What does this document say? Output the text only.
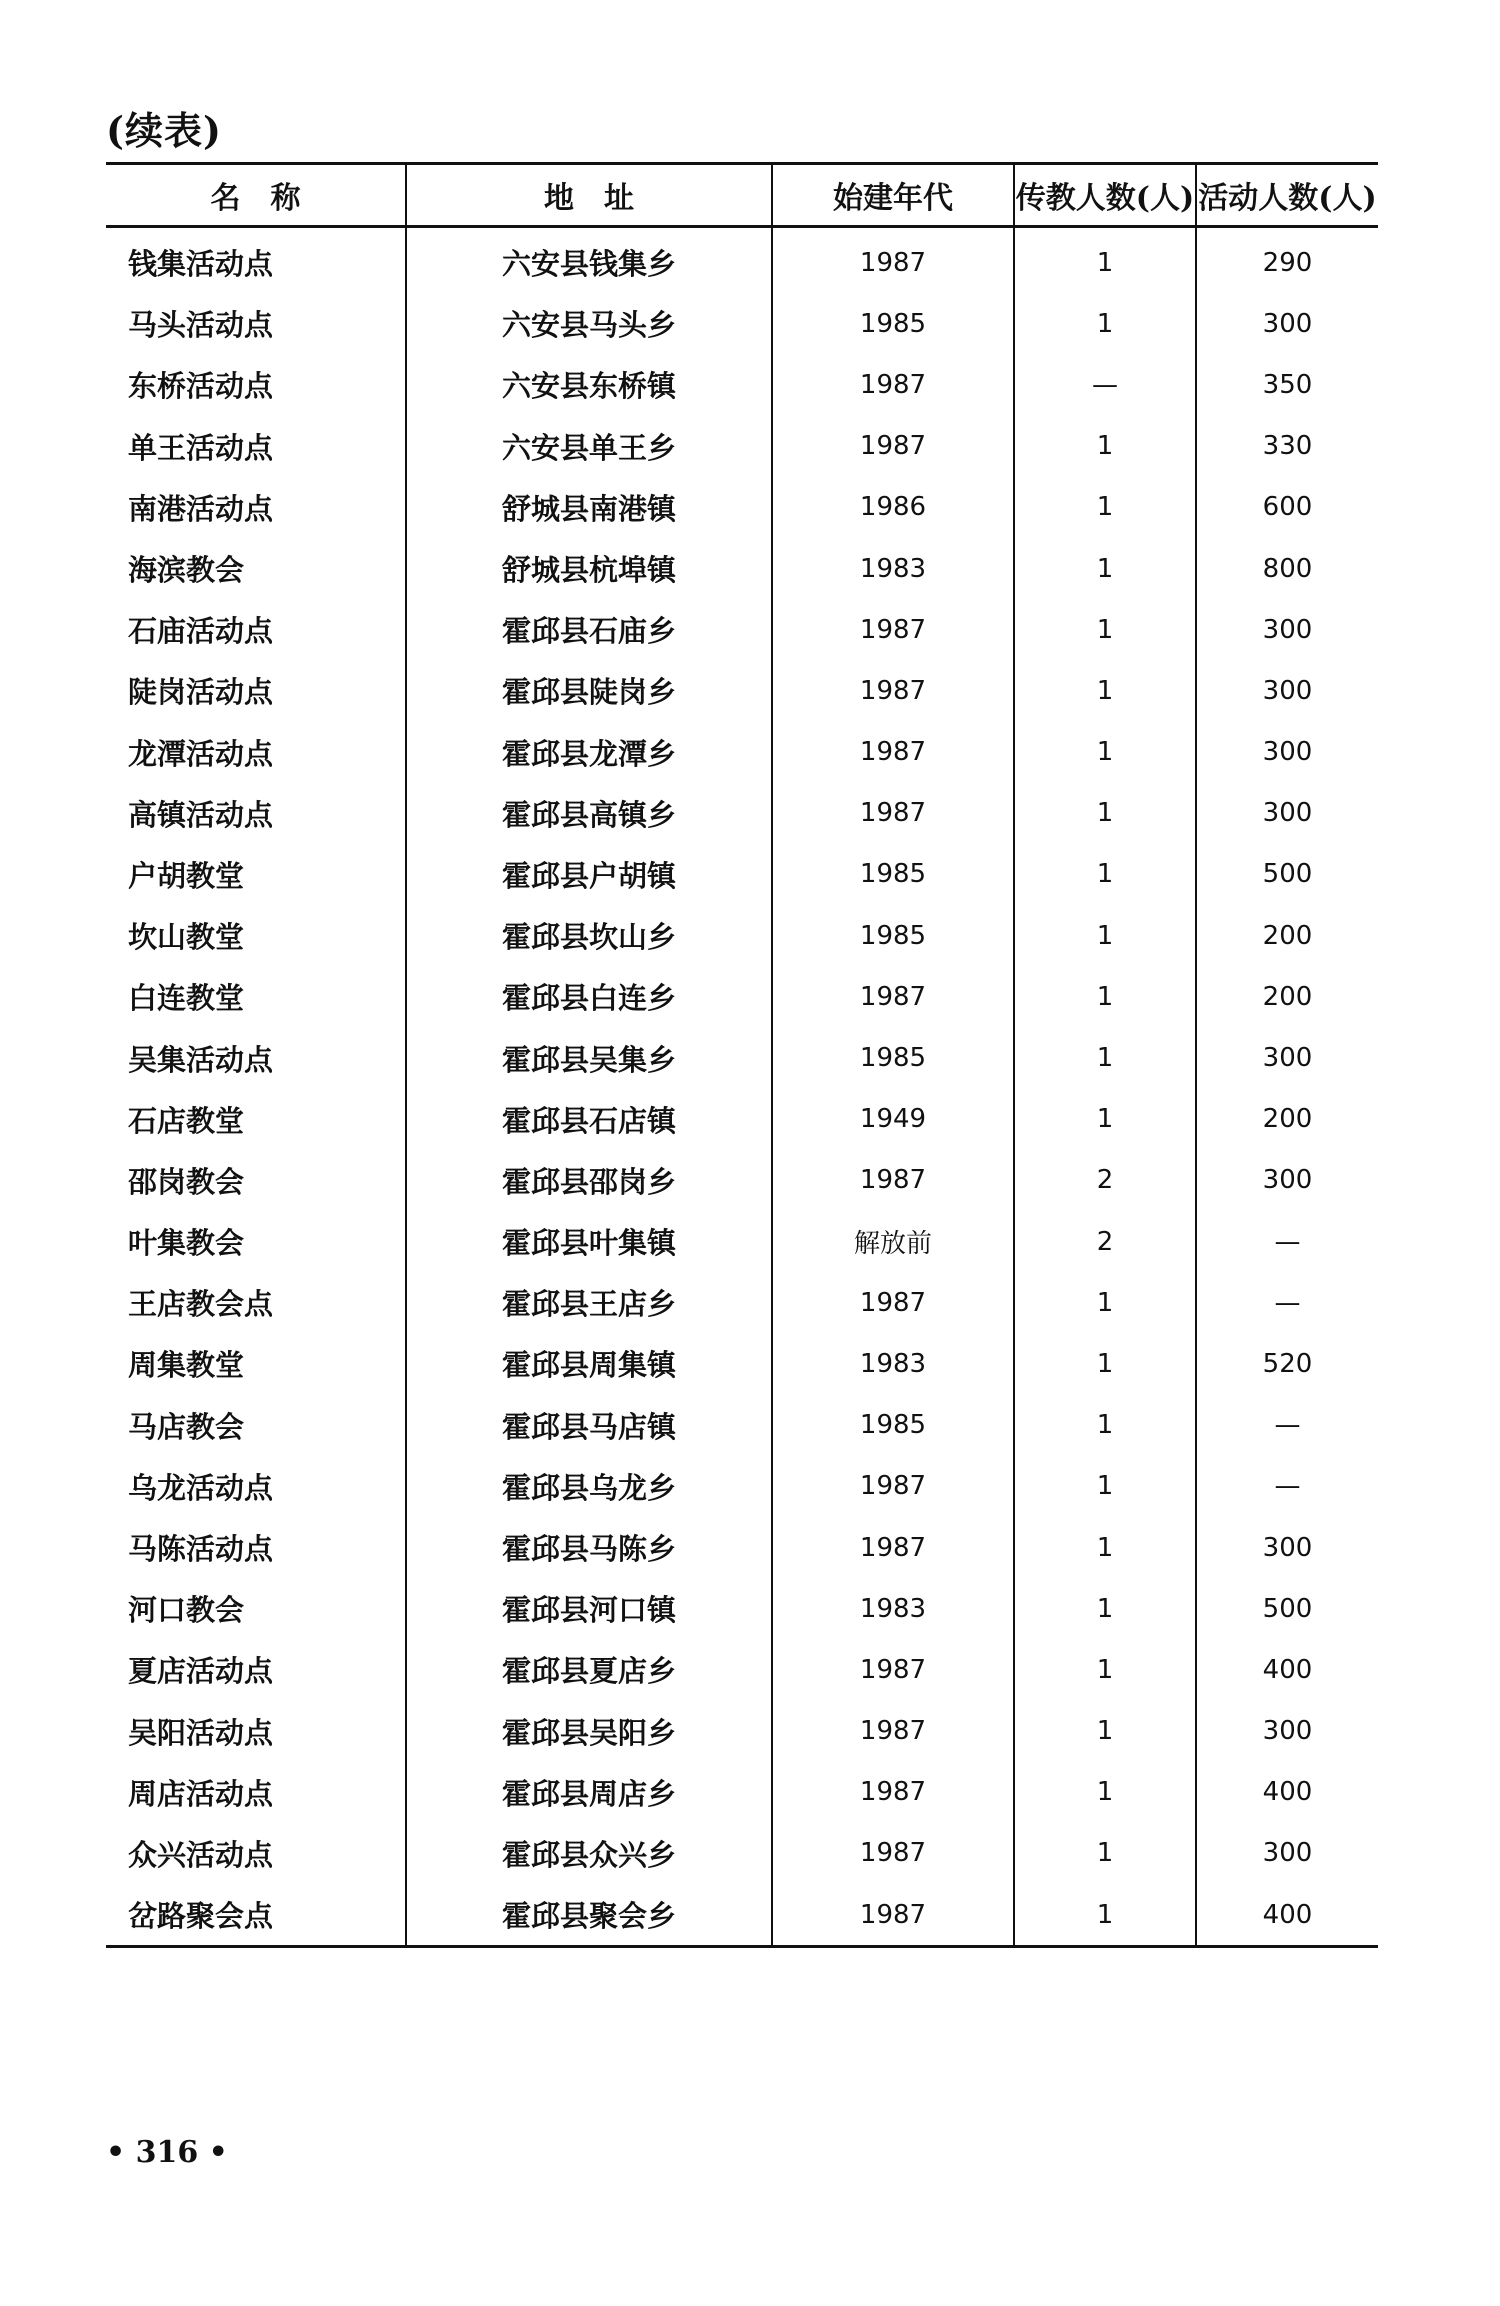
(续表)
名　称	地　址	始建年代	传教人数(人)	活动人数(人)
钱集活动点	六安县钱集乡	1987	1	290
马头活动点	六安县马头乡	1985	1	300
东桥活动点	六安县东桥镇	1987	—	350
单王活动点	六安县单王乡	1987	1	330
南港活动点	舒城县南港镇	1986	1	600
海滨教会	舒城县杭埠镇	1983	1	800
石庙活动点	霍邱县石庙乡	1987	1	300
陡岗活动点	霍邱县陡岗乡	1987	1	300
龙潭活动点	霍邱县龙潭乡	1987	1	300
高镇活动点	霍邱县高镇乡	1987	1	300
户胡教堂	霍邱县户胡镇	1985	1	500
坎山教堂	霍邱县坎山乡	1985	1	200
白连教堂	霍邱县白连乡	1987	1	200
吴集活动点	霍邱县吴集乡	1985	1	300
石店教堂	霍邱县石店镇	1949	1	200
邵岗教会	霍邱县邵岗乡	1987	2	300
叶集教会	霍邱县叶集镇	解放前	2	—
王店教会点	霍邱县王店乡	1987	1	—
周集教堂	霍邱县周集镇	1983	1	520
马店教会	霍邱县马店镇	1985	1	—
乌龙活动点	霍邱县乌龙乡	1987	1	—
马陈活动点	霍邱县马陈乡	1987	1	300
河口教会	霍邱县河口镇	1983	1	500
夏店活动点	霍邱县夏店乡	1987	1	400
吴阳活动点	霍邱县吴阳乡	1987	1	300
周店活动点	霍邱县周店乡	1987	1	400
众兴活动点	霍邱县众兴乡	1987	1	300
岔路聚会点	霍邱县聚会乡	1987	1	400
• 316 •
